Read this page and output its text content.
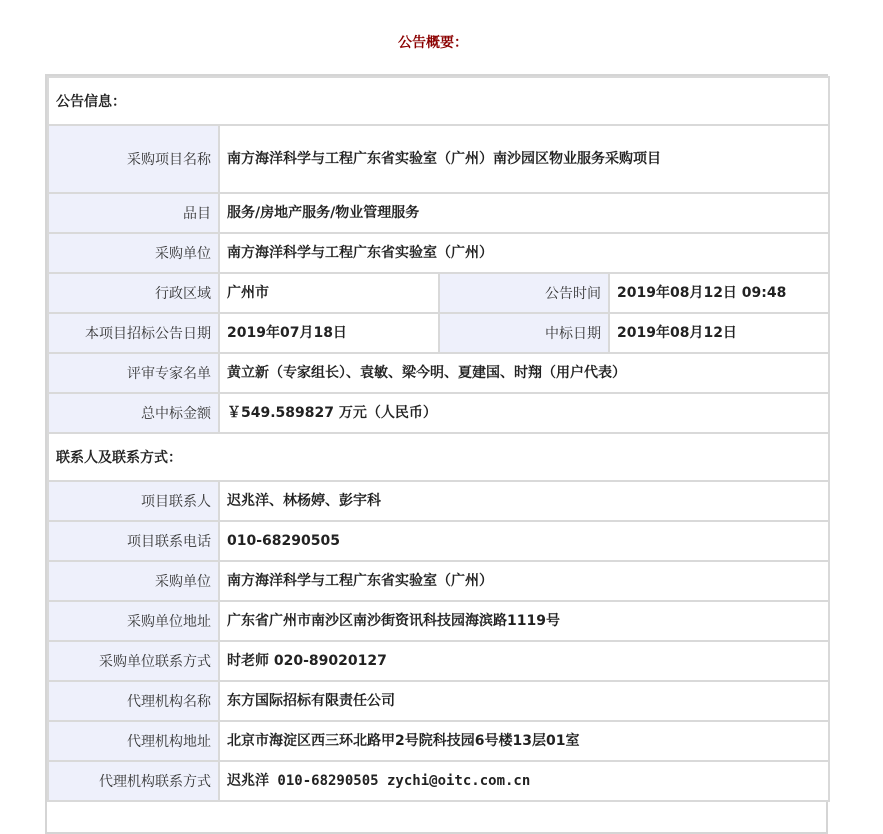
公告概要：
公告信息：			
采购项目名称	南方海洋科学与工程广东省实验室（广州）南沙园区物业服务采购项目		

品目	服务/房地产服务/物业管理服务		
采购单位	南方海洋科学与工程广东省实验室（广州）		
行政区域	广州市	公告时间	2019年08月12日 09:48
本项目招标公告日期	2019年07月18日	中标日期	2019年08月12日
评审专家名单	黄立新（专家组长）、袁敏、梁今明、夏建国、时翔（用户代表）		
总中标金额	￥549.589827 万元（人民币）		
联系人及联系方式：			
项目联系人	迟兆洋、林杨婷、彭宇科		
项目联系电话	010-68290505		
采购单位	南方海洋科学与工程广东省实验室（广州）		
采购单位地址	广东省广州市南沙区南沙街资讯科技园海滨路1119号		
采购单位联系方式	时老师 020-89020127		
代理机构名称	东方国际招标有限责任公司		
代理机构地址	北京市海淀区西三环北路甲2号院科技园6号楼13层01室		
代理机构联系方式	迟兆洋 010-68290505 zychi@oitc.com.cn		
